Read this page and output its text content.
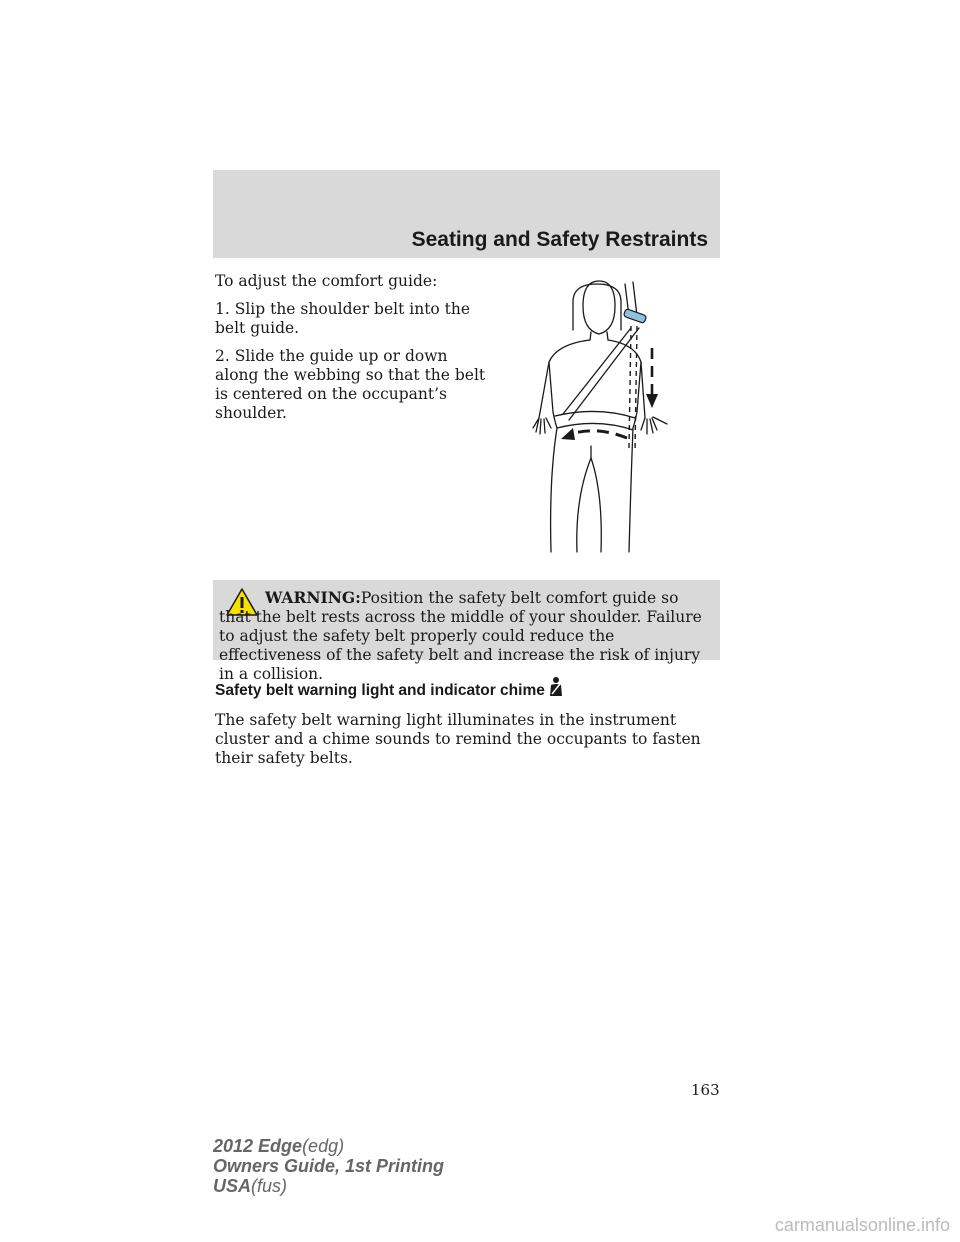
Seating and Safety Restraints

To adjust the comfort guide:

1. Slip the shoulder belt into the belt guide.

2. Slide the guide up or down along the webbing so that the belt is centered on the occupant’s shoulder.

WARNING:Position the safety belt comfort guide so that the belt rests across the middle of your shoulder. Failure to adjust the safety belt properly could reduce the effectiveness of the safety belt and increase the risk of injury in a collision.

Safety belt warning light and indicator chime

The safety belt warning light illuminates in the instrument cluster and a chime sounds to remind the occupants to fasten their safety belts.

163

2012 Edge(edg)
Owners Guide, 1st Printing
USA(fus)
carmanualsonline.info
